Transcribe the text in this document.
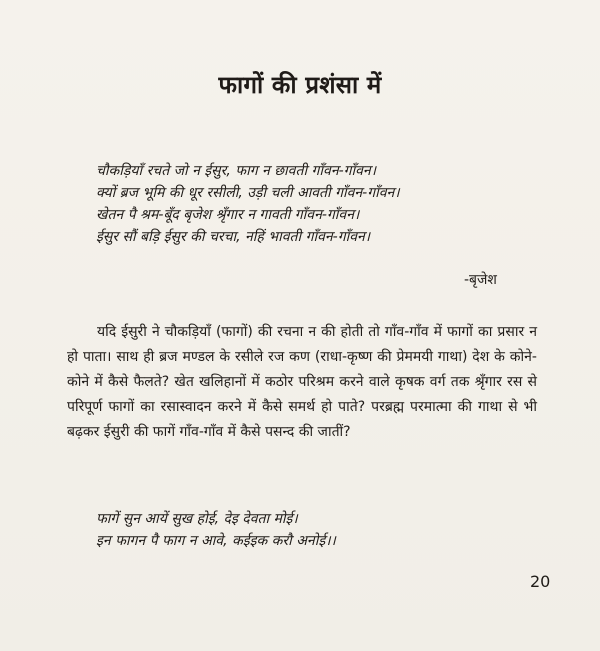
फागों की प्रशंसा में
चौकड़ियाँ रचते जो न ईसुर, फाग न छावती गाँवन-गाँवन।
क्यों ब्रज भूमि की धूर रसीली, उड़ी चली आवती गाँवन-गाँवन।
खेतन पै श्रम-बूँद बृजेश श्रृँगार न गावती गाँवन-गाँवन।
ईसुर सौं बड़ि ईसुर की चरचा, नहिं भावती गाँवन-गाँवन।
-बृजेश
यदि ईसुरी ने चौकड़ियाँ (फागों) की रचना न की होती तो गाँव-गाँव में फागों का प्रसार न हो पाता। साथ ही ब्रज मण्डल के रसीले रज कण (राधा-कृष्ण की प्रेममयी गाथा) देश के कोने-कोने में कैसे फैलते? खेत खलिहानों में कठोर परिश्रम करने वाले कृषक वर्ग तक श्रृँगार रस से परिपूर्ण फागों का रसास्वादन करने में कैसे समर्थ हो पाते? परब्रह्म परमात्मा की गाथा से भी बढ़कर ईसुरी की फागें गाँव-गाँव में कैसे पसन्द की जातीं?
फागें सुन आयें सुख होई, देइ देवता मोई।
इन फागन पै फाग न आवे, कईइक करौ अनोई।।
20
